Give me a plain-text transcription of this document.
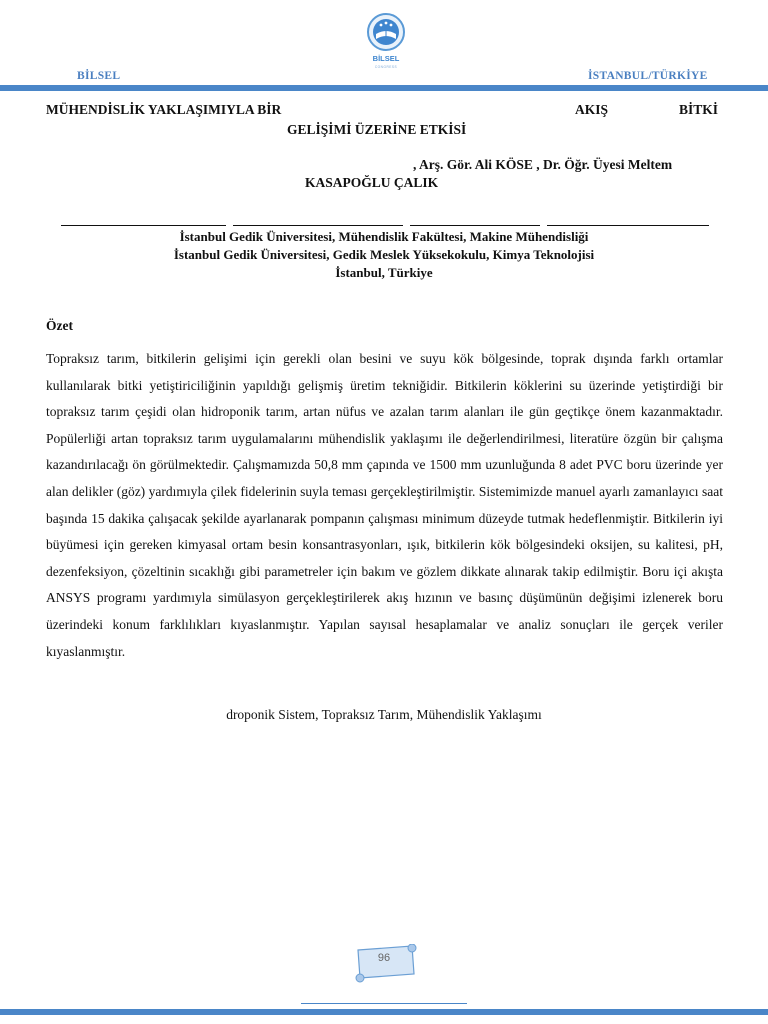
BİLSEL
CONGRESS
BİLSEL	İSTANBUL/TÜRKİYE
MÜHENDİSLİK YAKLAŞIMIYLA BİR	AKIŞ	BİTKİ
GELİŞİMİ ÜZERİNE ETKİSİ
, Arş. Gör. Ali KÖSE , Dr. Öğr. Üyesi Meltem
KASAPOĞLU ÇALIK
İstanbul Gedik Üniversitesi, Mühendislik Fakültesi, Makine Mühendisliği
İstanbul Gedik Üniversitesi, Gedik Meslek Yüksekokulu, Kimya Teknolojisi
İstanbul, Türkiye
Özet

Topraksız tarım, bitkilerin gelişimi için gerekli olan besini ve suyu kök bölgesinde, toprak dışında farklı ortamlar kullanılarak bitki yetiştiriciliğinin yapıldığı gelişmiş üretim tekniğidir. Bitkilerin köklerini su üzerinde yetiştirdiği bir topraksız tarım çeşidi olan hidroponik tarım, artan nüfus ve azalan tarım alanları ile gün geçtikçe önem kazanmaktadır. Popülerliği artan topraksız tarım uygulamalarını mühendislik yaklaşımı ile değerlendirilmesi, literatüre özgün bir çalışma kazandırılacağı ön görülmektedir. Çalışmamızda 50,8 mm çapında ve 1500 mm uzunluğunda 8 adet PVC boru üzerinde yer alan delikler (göz) yardımıyla çilek fidelerinin suyla teması gerçekleştirilmiştir. Sistemimizde manuel ayarlı zamanlayıcı saat başında 15 dakika çalışacak şekilde ayarlanarak pompanın çalışması minimum düzeyde tutmak hedeflenmiştir. Bitkilerin iyi büyümesi için gereken kimyasal ortam besin konsantrasyonları, ışık, bitkilerin kök bölgesindeki oksijen, su kalitesi, pH, dezenfeksiyon, çözeltinin sıcaklığı gibi parametreler için bakım ve gözlem dikkate alınarak takip edilmiştir. Boru içi akışta ANSYS programı yardımıyla simülasyon gerçekleştirilerek akış hızının ve basınç düşümünün değişimi izlenerek boru üzerindeki konum farklılıkları kıyaslanmıştır. Yapılan sayısal hesaplamalar ve analiz sonuçları ile gerçek veriler kıyaslanmıştır.

droponik Sistem, Topraksız Tarım, Mühendislik Yaklaşımı
96
